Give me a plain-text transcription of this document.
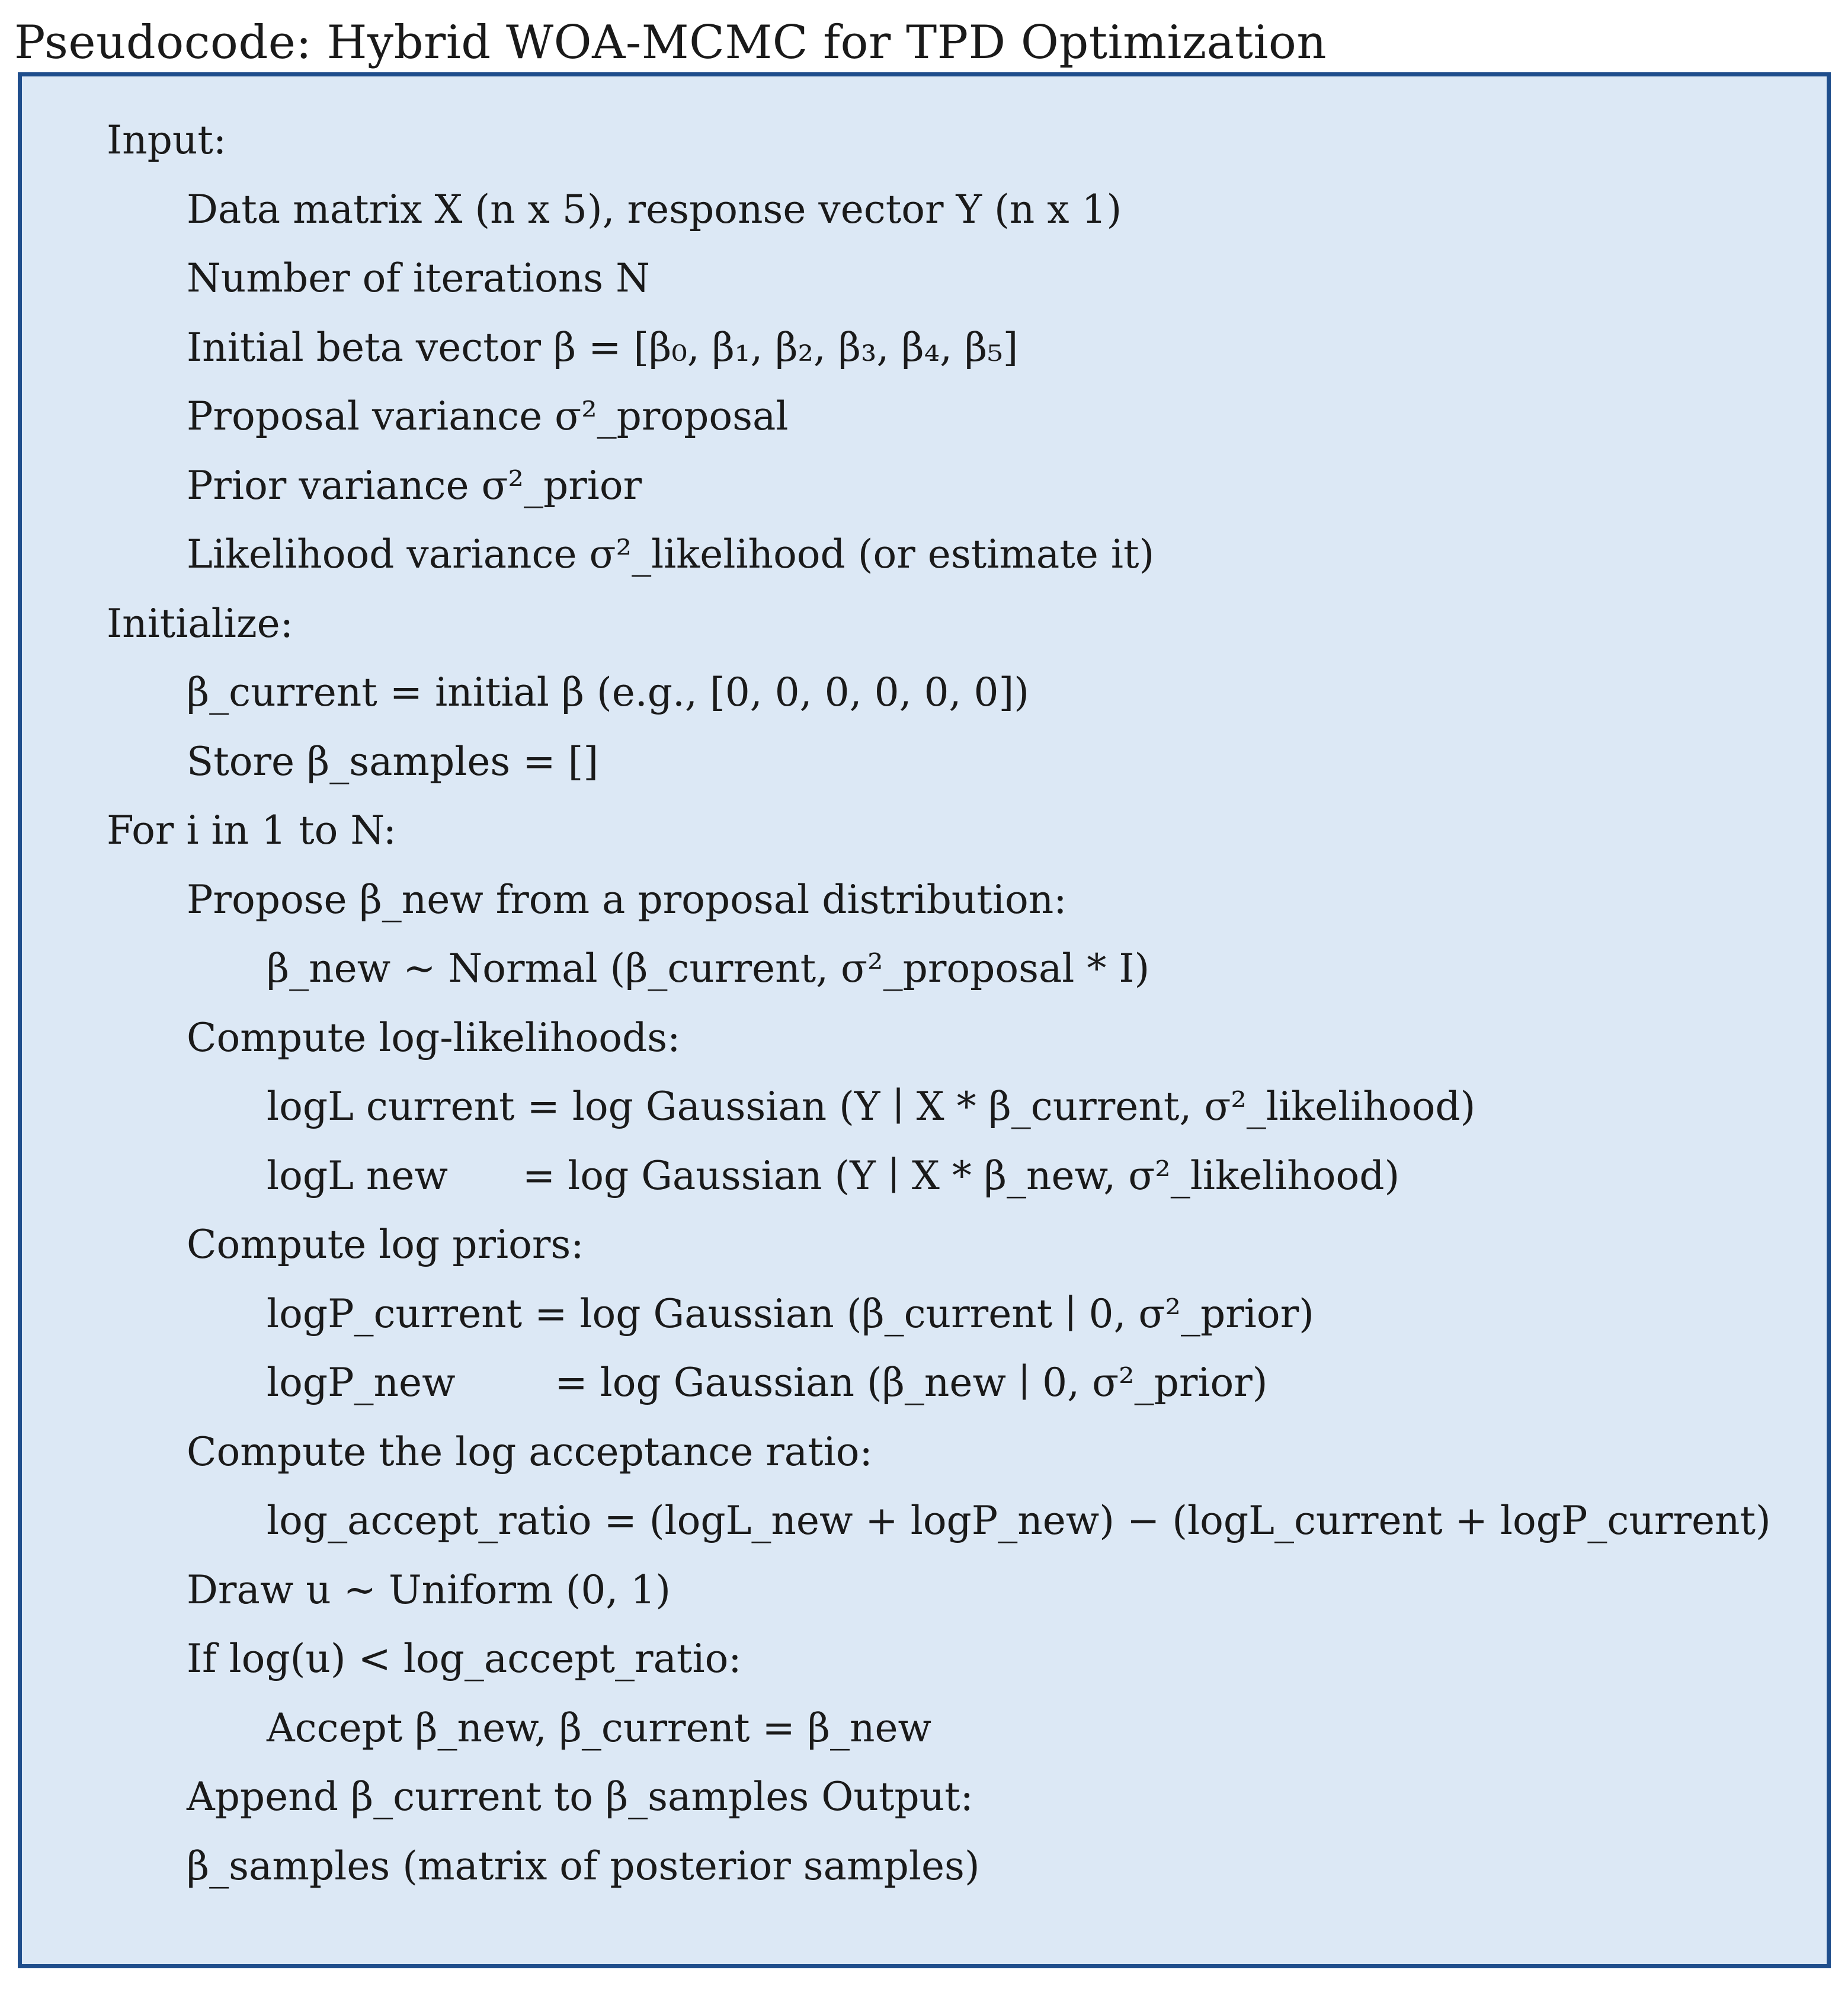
Pseudocode: Hybrid WOA-MCMC for TPD Optimization
Input:
Data matrix X (n x 5), response vector Y (n x 1)
Number of iterations N
Initial beta vector β = [β₀, β₁, β₂, β₃, β₄, β₅]
Proposal variance σ²_proposal
Prior variance σ²_prior
Likelihood variance σ²_likelihood (or estimate it)
Initialize:
β_current = initial β (e.g., [0, 0, 0, 0, 0, 0])
Store β_samples = []
For i in 1 to N:
Propose β_new from a proposal distribution:
β_new ~ Normal (β_current, σ²_proposal * I)
Compute log-likelihoods:
logL current = log Gaussian (Y ∣ X * β_current, σ²_likelihood)
logL new      = log Gaussian (Y ∣ X * β_new, σ²_likelihood)
Compute log priors:
logP_current = log Gaussian (β_current ∣ 0, σ²_prior)
logP_new        = log Gaussian (β_new ∣ 0, σ²_prior)
Compute the log acceptance ratio:
log_accept_ratio = (logL_new + logP_new) − (logL_current + logP_current)
Draw u ~ Uniform (0, 1)
If log(u) < log_accept_ratio:
Accept β_new, β_current = β_new
Append β_current to β_samples Output:
β_samples (matrix of posterior samples)
